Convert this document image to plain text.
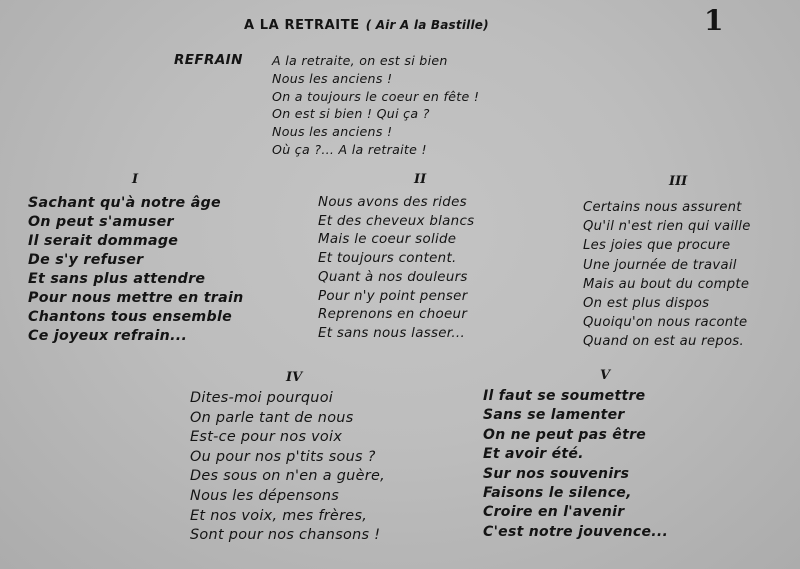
A LA RETRAITE ( Air A la Bastille)	1
REFRAIN A la retraite, on est si bien
Nous les anciens !
On a toujours le coeur en fête !
On est si bien ! Qui ça ?
Nous les anciens !
Où ça ?... A la retraite !
I
Sachant qu'à notre âge
On peut s'amuser
Il serait dommage
De s'y refuser
Et sans plus attendre
Pour nous mettre en train
Chantons tous ensemble
Ce joyeux refrain...
II
Nous avons des rides
Et des cheveux blancs
Mais le coeur solide
Et toujours content.
Quant à nos douleurs
Pour n'y point penser
Reprenons en choeur
Et sans nous lasser...
III
Certains nous assurent
Qu'il n'est rien qui vaille
Les joies que procure
Une journée de travail
Mais au bout du compte
On est plus dispos
Quoiqu'on nous raconte
Quand on est au repos.
IV
Dites-moi pourquoi
On parle tant de nous
Est-ce pour nos voix
Ou pour nos p'tits sous ?
Des sous on n'en a guère,
Nous les dépensons
Et nos voix, mes frères,
Sont pour nos chansons !
V
Il faut se soumettre
Sans se lamenter
On ne peut pas être
Et avoir été.
Sur nos souvenirs
Faisons le silence,
Croire en l'avenir
C'est notre jouvence...
